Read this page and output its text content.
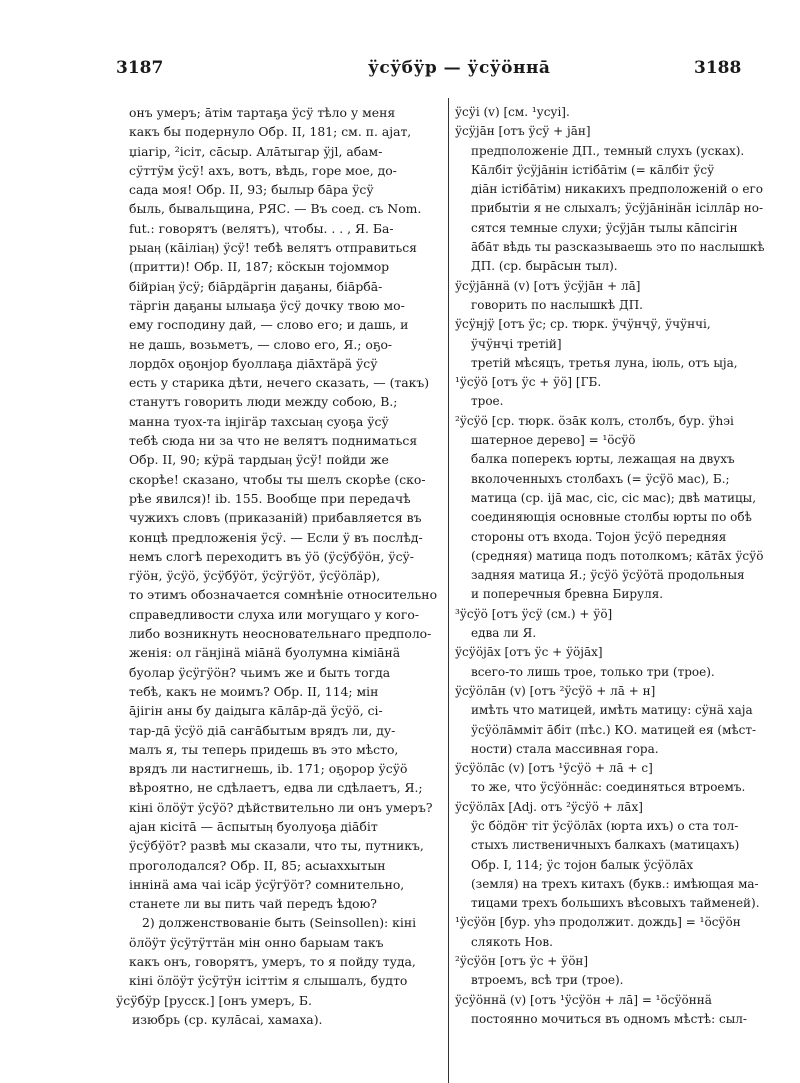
3187	ӱсӱбӱр — ӱсӱӧнна̄	3188

онъ умеръ; а̄тім тартаҕа ӱсӱ тѣло у меня

какъ бы подернуло Обр. II, 181; см. п. аjат,

џiагiр, ²iсiт, са̄сыр. Ала̄тыгар ӱjl, абам-

сӱттӱм ӱсӱ! ахъ, вотъ, вѣдь, горе мое, до-

сада моя! Обр. II, 93; былыр ба̄ра ӱсӱ

быль, бывальщина, РЯС. — Въ соед. съ Nom.

fut.: говорятъ (велятъ), чтобы. . . , Я. Ба-

рыаӊ (ка̄iлiаӊ) ӱсӱ! тебѣ велятъ отправиться

(притти)! Обр. II, 187; кӧскын тоjоммор

бiйрiаӊ ӱсӱ; бiа̄рдӓргiн даҕаны, бiа̄рба̄-

тӓргiн даҕаны ылыаҕа ӱсӱ дочку твою мо-

ему господину дай, — слово его; и дашь, и

не дашь, возьметъ, — слово его, Я.; оҕо-

лордо̄х оҕонjор буоллаҕа дiа̄хтӓрӓ ӱсӱ

есть у старика дѣти, нечего сказать, — (такъ)

станутъ говорить люди между собою, В.;

манна туох-та iнjiгӓр тахсыаӊ суоҕа ӱсӱ

тебѣ сюда ни за что не велятъ подниматься

Обр. II, 90; кӱрӓ тардыаӊ ӱсӱ! пойди же

скорѣе! сказано, чтобы ты шелъ скорѣе (ско-

рѣе явился)! ib. 155. Вообще при передачѣ

чужихъ словъ (приказаній) прибавляется въ

концѣ предложенія ӱсӱ. — Если ӱ въ послѣд-

немъ слогѣ переходитъ въ ӱӧ (ӱсӱбӱӧн, ӱсӱ-

гӱӧн, ӱсӱӧ, ӱсӱбӱӧт, ӱсӱгӱӧт, ӱсӱӧлӓр),

то этимъ обозначается сомнѣніе относительно

справедливости слуха или могущаго у кого-

либо возникнуть неосновательнаго предполо-

женія: ол гӓнjiнӓ мiа̄нӓ буолумна кiмiа̄нӓ

буолар ӱсӱгӱӧн? чьимъ же и быть тогда

тебѣ, какъ не моимъ? Обр. II, 114; мiн

а̄jiгiн аны бу даiдыга ка̄ла̄р-дӓ ӱсӱӧ, сi-

тар-да̄ ӱсӱӧ дiа̄ саҥа̄бытым врядъ ли, ду-

малъ я, ты теперь придешь въ это мѣсто,

врядъ ли настигнешь, ib. 171; оҕорор ӱсӱӧ

вѣроятно, не сдѣлаетъ, едва ли сдѣлаетъ, Я.;

кiнi ӧлӧӱт ӱсӱӧ? дѣйствительно ли онъ умеръ?

аjан кiсiта̄ — а̄спытыӊ буолуоҕа дiа̄бiт

ӱсӱбӱӧт? развѣ мы сказали, что ты, путникъ,

проголодался? Обр. II, 85; асыаххытын

iннiнӓ ама чаi iсӓр ӱсӱгӱӧт? сомнительно,

станете ли вы пить чай передъ ѣдою?

2) долженствованіе быть (Seinsollen): кiнi

ӧлӧӱт ӱсӱтӱттӓн мiн онно барыам такъ

какъ онъ, говорятъ, умеръ, то я пойду туда,

кiнi ӧлӧӱт ӱсӱтӱн iсiттiм я слышалъ, будто

ӱсӱбӱр [русск.] [онъ умеръ, Б.

изюбрь (ср. кула̄саi, хамаха).

ӱсӱi (v) [см. ¹усуi].

ӱсӱjа̄н [отъ ӱсӱ + jāн]

предположеніе ДП., темный слухъ (усках).

Ка̄лбiт ӱсӱjа̄нiн iстiба̄тiм (= ка̄лбiт ӱсӱ

дiа̄н iстiба̄тiм) никакихъ предположеній о его

прибытіи я не слыхалъ; ӱсӱjа̄нiнӓн iсiлла̄р но-

сятся темные слухи; ӱсӱjа̄н тылы ка̄псiгiн

а̄ба̄т вѣдь ты разсказываешь это по наслышкѣ

ДП. (ср. быра̄сын тыл).

ӱсӱjа̄ннӓ (v) [отъ ӱсӱjа̄н + ла̄]

говорить по наслышкѣ ДП.

ӱсӱнjӱ [отъ ӱс; ср. тюрк. ӱчӱнҷӱ, ӱчӱнчi,

ӱчӱнҷi третій]

третій мѣсяцъ, третья луна, іюль, отъ ыjа,

¹ӱсӱӧ [отъ ӱс + ӱӧ] [ГБ.

трое.

²ӱсӱӧ [ср. тюрк. ӧза̄к колъ, столбъ, бур. ӱhэi

шатерное дерево] = ¹ӧсӱӧ

балка поперекъ юрты, лежащая на двухъ

вколоченныхъ столбахъ (= ӱсӱӧ мас), Б.;

матица (ср. iја̄ мас, сiс, сiс мас); двѣ матицы,

соединяющія основные столбы юрты по обѣ

стороны отъ входа. Тоjон ӱсӱӧ передняя

(средняя) матица подъ потолкомъ; ка̄та̄х ӱсӱӧ

задняя матица Я.; ӱсӱӧ ӱсӱӧтӓ продольныя

и поперечныя бревна Бируля.

³ӱсӱӧ [отъ ӱсӱ (см.) + ӱӧ]

едва ли Я.

ӱсӱӧjа̄х [отъ ӱс + ӱӧjа̄х]

всего-то лишь трое, только три (трое).

ӱсӱӧла̄н (v) [отъ ²ӱсӱӧ + ла̄ + н]

имѣть что матицей, имѣть матицу: сӱнӓ хаjа

ӱсӱӧла̄мміт а̄бiт (пѣс.) КО. матицей ея (мѣст-

ности) стала массивная гора.

ӱсӱӧла̄с (v) [отъ ¹ӱсӱӧ + ла̄ + с]

то же, что ӱсӱӧннӓс: соединяться втроемъ.

ӱсӱӧла̄х [Adj. отъ ²ӱсӱӧ + ла̄х]

ӱс бӧдӧҥ тiт ӱсӱӧла̄х (юрта ихъ) о ста тол-

стыхъ лиственичныхъ балкахъ (матицахъ)

Обр. I, 114; ӱс тоjон балык ӱсӱӧла̄х

(земля) на трехъ китахъ (букв.: имѣющая ма-

тицами трехъ большихъ вѣсовыхъ тайменей).

¹ӱсӱӧн [бур. уhэ продолжит. дождь] = ¹ӧсӱӧн

слякоть Нов.

²ӱсӱӧн [отъ ӱс + ӱӧн]

втроемъ, всѣ три (трое).

ӱсӱӧннӓ (v) [отъ ¹ӱсӱӧн + ла̄] = ¹ӧсӱӧннӓ

постоянно мочиться въ одномъ мѣстѣ: сыл-
